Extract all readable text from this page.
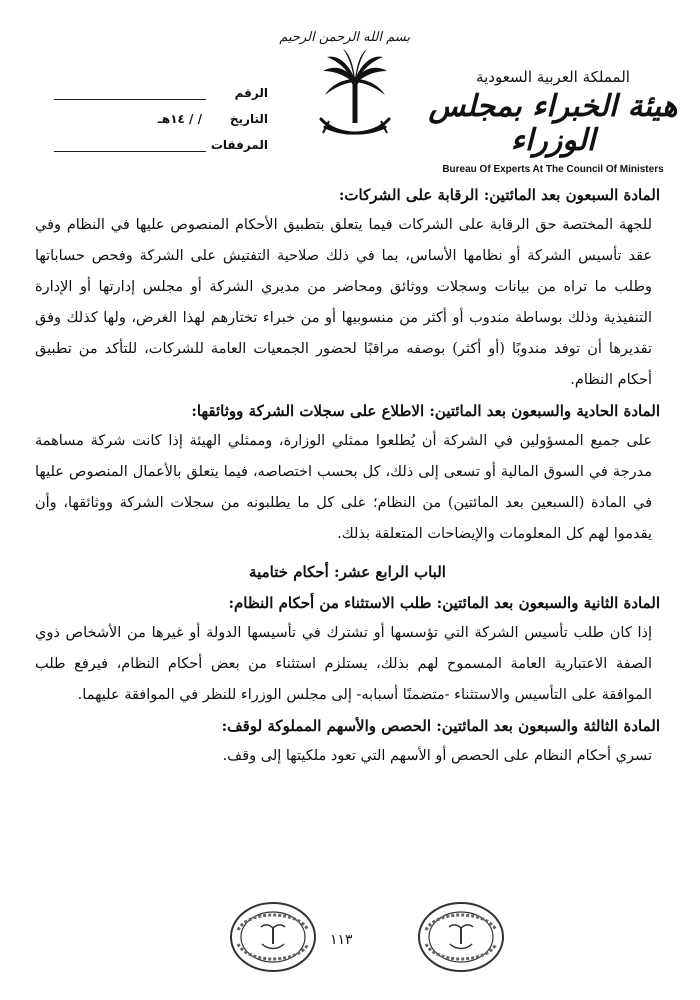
المملكة العربية السعودية
هيئة الخبراء بمجلس الوزراء
Bureau Of Experts At The Council Of Ministers
بسم الله الرحمن الرحيم
الرقم
التاريخ
/ / ١٤هـ
المرفقات
المادة السبعون بعد المائتين: الرقابة على الشركات:

للجهة المختصة حق الرقابة على الشركات فيما يتعلق بتطبيق الأحكام المنصوص عليها في النظام وفي عقد تأسيس الشركة أو نظامها الأساس، بما في ذلك صلاحية التفتيش على الشركة وفحص حساباتها وطلب ما تراه من بيانات وسجلات ووثائق ومحاضر من مديري الشركة أو مجلس إدارتها أو الإدارة التنفيذية وذلك بوساطة مندوب أو أكثر من منسوبيها أو من خبراء تختارهم لهذا الغرض، ولها كذلك وفق تقديرها أن توفد مندوبًا (أو أكثر) بوصفه مراقبًا لحضور الجمعيات العامة للشركات، للتأكد من تطبيق أحكام النظام.

المادة الحادية والسبعون بعد المائتين: الاطلاع على سجلات الشركة ووثائقها:

على جميع المسؤولين في الشركة أن يُطلعوا ممثلي الوزارة، وممثلي الهيئة إذا كانت شركة مساهمة مدرجة في السوق المالية أو تسعى إلى ذلك، كل بحسب اختصاصه، فيما يتعلق بالأعمال المنصوص عليها في المادة (السبعين بعد المائتين) من النظام؛ على كل ما يطلبونه من سجلات الشركة ووثائقها، وأن يقدموا لهم كل المعلومات والإيضاحات المتعلقة بذلك.

الباب الرابع عشر: أحكام ختامية
المادة الثانية والسبعون بعد المائتين: طلب الاستثناء من أحكام النظام:

إذا كان طلب تأسيس الشركة التي تؤسسها أو تشترك في تأسيسها الدولة أو غيرها من الأشخاص ذوي الصفة الاعتبارية العامة المسموح لهم بذلك، يستلزم استثناء من بعض أحكام النظام، فيرفع طلب الموافقة على التأسيس والاستثناء -متضمنًا أسبابه- إلى مجلس الوزراء للنظر في الموافقة عليهما.

المادة الثالثة والسبعون بعد المائتين: الحصص والأسهم المملوكة لوقف:

تسري أحكام النظام على الحصص أو الأسهم التي تعود ملكيتها إلى وقف.

١١٣
